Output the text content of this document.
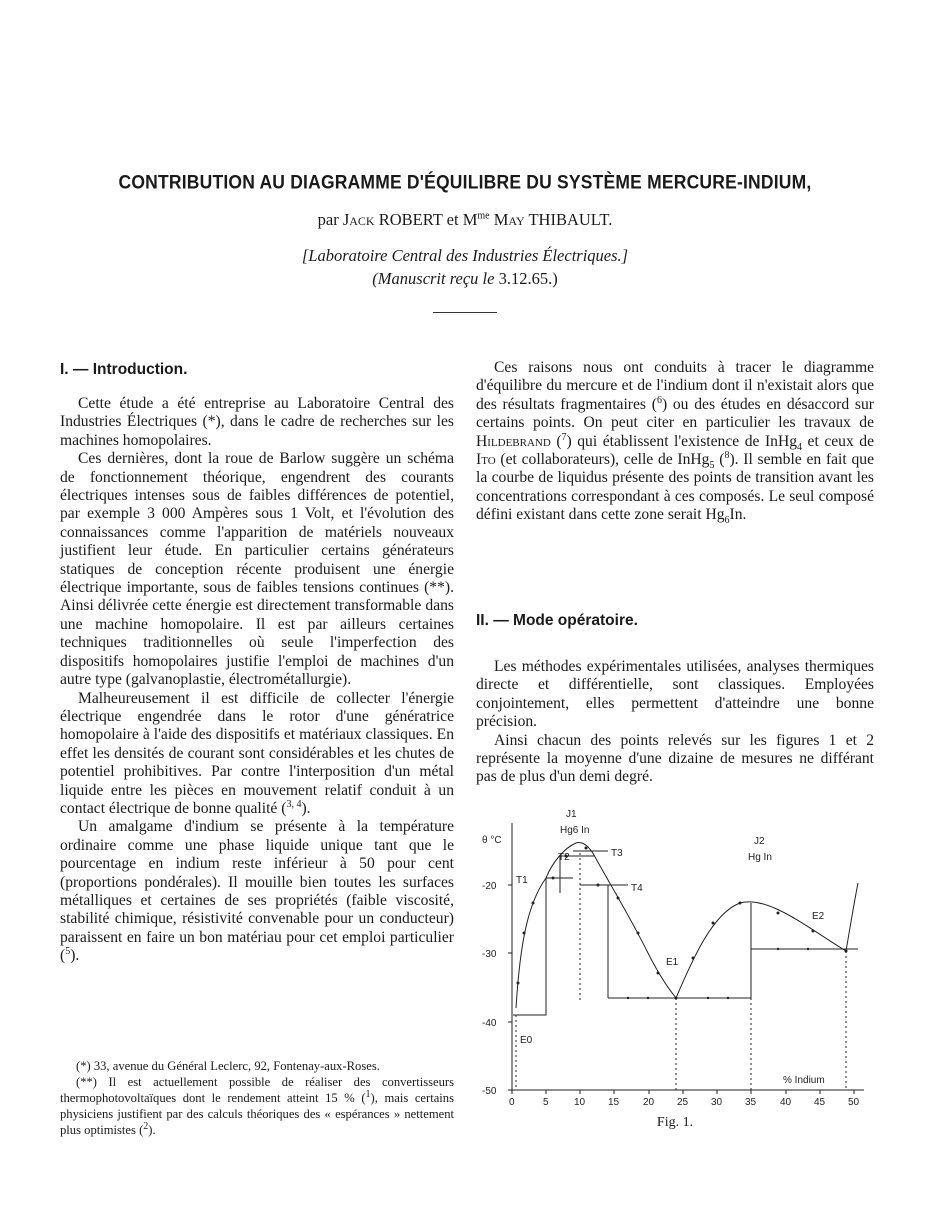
CONTRIBUTION AU DIAGRAMME D'ÉQUILIBRE DU SYSTÈME MERCURE-INDIUM,
par Jack ROBERT et $M^{me}$ May THIBAULT.
[Laboratoire Central des Industries Électriques.]
(Manuscrit reçu le 3.12.65.)
I. — Introduction.

Cette étude a été entreprise au Laboratoire Central des Industries Électriques (*), dans le cadre de recherches sur les machines homopolaires.

Ces dernières, dont la roue de Barlow suggère un schéma de fonctionnement théorique, engendrent des courants électriques intenses sous de faibles différences de potentiel, par exemple 3 000 Ampères sous 1 Volt, et l'évolution des connaissances comme l'apparition de matériels nouveaux justifient leur étude. En particulier certains générateurs statiques de conception récente produisent une énergie électrique importante, sous de faibles tensions continues (**). Ainsi délivrée cette énergie est directement transformable dans une machine homopolaire. Il est par ailleurs certaines techniques traditionnelles où seule l'imperfection des dispositifs homopolaires justifie l'emploi de machines d'un autre type (galvanoplastie, électrométallurgie).

Malheureusement il est difficile de collecter l'énergie électrique engendrée dans le rotor d'une génératrice homopolaire à l'aide des dispositifs et matériaux classiques. En effet les densités de courant sont considérables et les chutes de potentiel prohibitives. Par contre l'interposition d'un métal liquide entre les pièces en mouvement relatif conduit à un contact électrique de bonne qualité ($^{3, 4}$).

Un amalgame d'indium se présente à la température ordinaire comme une phase liquide unique tant que le pourcentage en indium reste inférieur à 50 pour cent (proportions pondérales). Il mouille bien toutes les surfaces métalliques et certaines de ses propriétés (faible viscosité, stabilité chimique, résistivité convenable pour un conducteur) paraissent en faire un bon matériau pour cet emploi particulier ($^5$).

(*) 33, avenue du Général Leclerc, 92, Fontenay-aux-Roses.

(**) Il est actuellement possible de réaliser des convertisseurs thermophotovoltaïques dont le rendement atteint 15 % ($^1$), mais certains physiciens justifient par des calculs théoriques des « espérances » nettement plus optimistes ($^2$).

Ces raisons nous ont conduits à tracer le diagramme d'équilibre du mercure et de l'indium dont il n'existait alors que des résultats fragmentaires ($^6$) ou des études en désaccord sur certains points. On peut citer en particulier les travaux de Hildebrand ($^7$) qui établissent l'existence de InHg$_4$ et ceux de Ito (et collaborateurs), celle de InHg$_5$ ($^8$). Il semble en fait que la courbe de liquidus présente des points de transition avant les concentrations correspondant à ces composés. Le seul composé défini existant dans cette zone serait $Hg_6In$.

II. — Mode opératoire.

Les méthodes expérimentales utilisées, analyses thermiques directe et différentielle, sont classiques. Employées conjointement, elles permettent d'atteindre une bonne précision.

Ainsi chacun des points relevés sur les figures 1 et 2 représente la moyenne d'une dizaine de mesures ne différant pas de plus d'un demi degré.

θ °C
-20
-30
-40
-50
0	5	10 15 20 25 30 35 40 45 50
% Indium
J1
Hg6 In
J2
Hg In
T1
T2	T3
T4
E0
E1
E2
Fig. 1.
